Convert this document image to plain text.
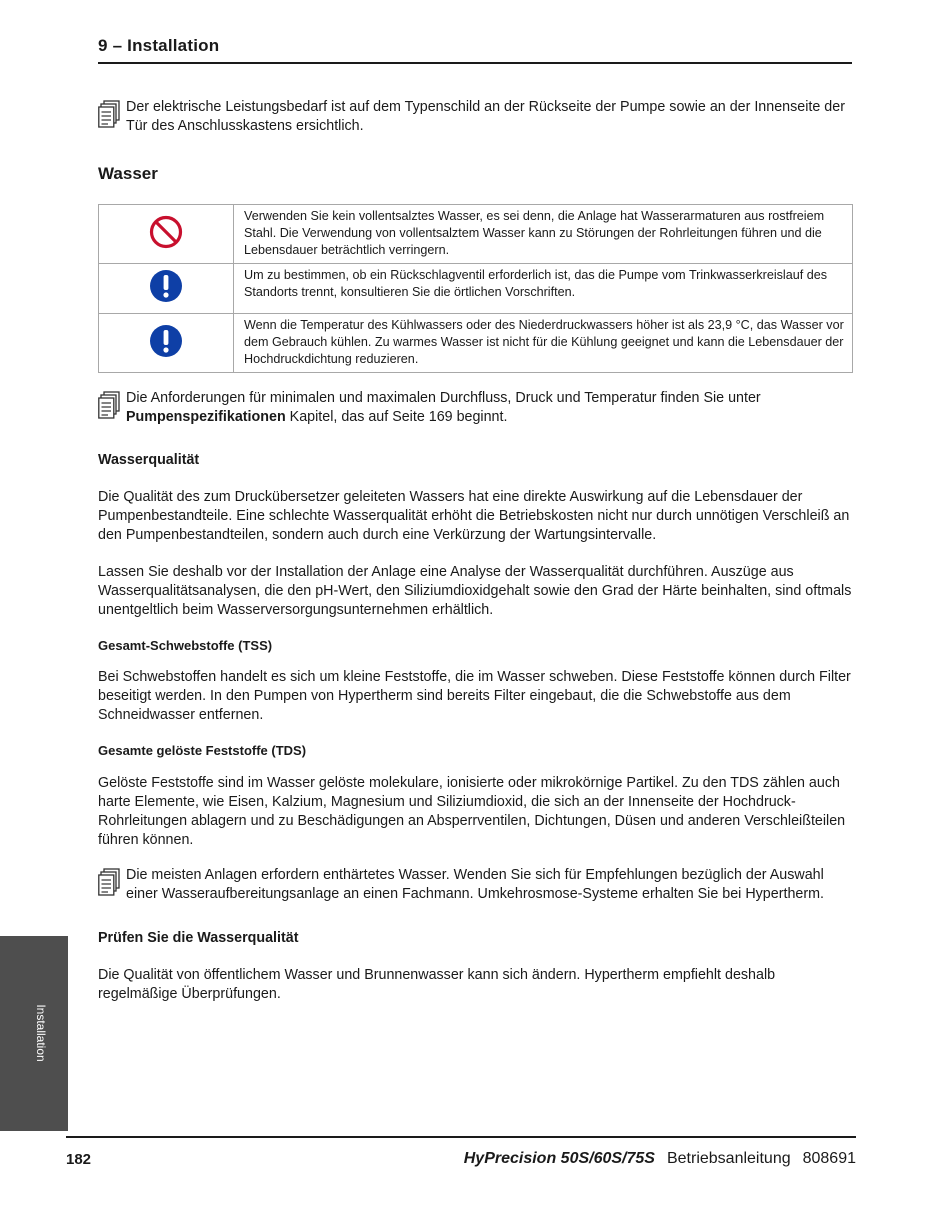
9 – Installation
Der elektrische Leistungsbedarf ist auf dem Typenschild an der Rückseite der Pumpe sowie an der Innenseite der Tür des Anschlusskastens ersichtlich.
Wasser
	Verwenden Sie kein vollentsalztes Wasser, es sei denn, die Anlage hat Wasserarmaturen aus rostfreiem Stahl. Die Verwendung von vollentsalztem Wasser kann zu Störungen der Rohrleitungen führen und die Lebensdauer beträchtlich verringern.
	Um zu bestimmen, ob ein Rückschlagventil erforderlich ist, das die Pumpe vom Trinkwasserkreislauf des Standorts trennt, konsultieren Sie die örtlichen Vorschriften.
	Wenn die Temperatur des Kühlwassers oder des Niederdruckwassers höher ist als 23,9 °C, das Wasser vor dem Gebrauch kühlen. Zu warmes Wasser ist nicht für die Kühlung geeignet und kann die Lebensdauer der Hochdruckdichtung reduzieren.
Die Anforderungen für minimalen und maximalen Durchfluss, Druck und Temperatur finden Sie unter Pumpenspezifikationen Kapitel, das auf Seite 169 beginnt.
Wasserqualität
Die Qualität des zum Druckübersetzer geleiteten Wassers hat eine direkte Auswirkung auf die Lebensdauer der Pumpenbestandteile. Eine schlechte Wasserqualität erhöht die Betriebskosten nicht nur durch unnötigen Verschleiß an den Pumpenbestandteilen, sondern auch durch eine Verkürzung der Wartungsintervalle.
Lassen Sie deshalb vor der Installation der Anlage eine Analyse der Wasserqualität durchführen. Auszüge aus Wasserqualitätsanalysen, die den pH-Wert, den Siliziumdioxidgehalt sowie den Grad der Härte beinhalten, sind oftmals unentgeltlich beim Wasserversorgungsunternehmen erhältlich.
Gesamt-Schwebstoffe (TSS)
Bei Schwebstoffen handelt es sich um kleine Feststoffe, die im Wasser schweben. Diese Feststoffe können durch Filter beseitigt werden. In den Pumpen von Hypertherm sind bereits Filter eingebaut, die die Schwebstoffe aus dem Schneidwasser entfernen.
Gesamte gelöste Feststoffe (TDS)
Gelöste Feststoffe sind im Wasser gelöste molekulare, ionisierte oder mikrokörnige Partikel. Zu den TDS zählen auch harte Elemente, wie Eisen, Kalzium, Magnesium und Siliziumdioxid, die sich an der Innenseite der Hochdruck-Rohrleitungen ablagern und zu Beschädigungen an Absperrventilen, Dichtungen, Düsen und anderen Verschleißteilen führen können.
Die meisten Anlagen erfordern enthärtetes Wasser. Wenden Sie sich für Empfehlungen bezüglich der Auswahl einer Wasseraufbereitungsanlage an einen Fachmann. Umkehrosmose-Systeme erhalten Sie bei Hypertherm.
Prüfen Sie die Wasserqualität
Die Qualität von öffentlichem Wasser und Brunnenwasser kann sich ändern. Hypertherm empfiehlt deshalb regelmäßige Überprüfungen.
Installation
182	HyPrecision 50S/60S/75S Betriebsanleitung 808691
